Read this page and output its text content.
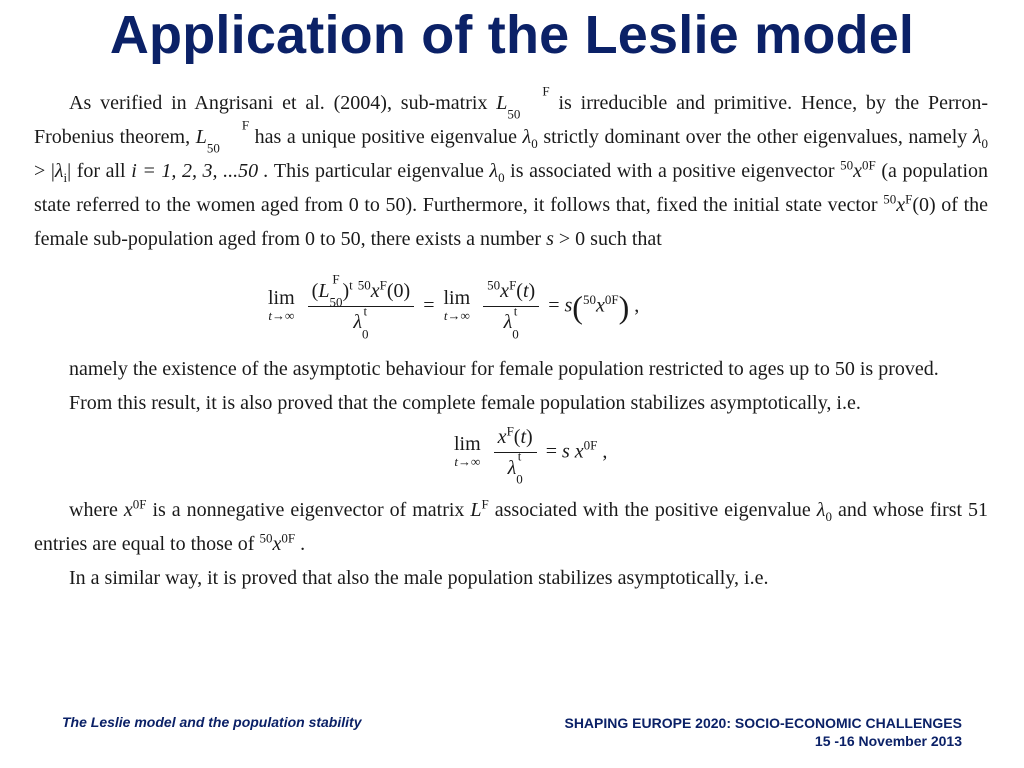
Application of the Leslie model

As verified in Angrisani et al. (2004), sub-matrix $L^F$
$_{50}$ is irreducible and primitive. Hence, by the Perron-Frobenius theorem, $L^F$
$_{50}$ has a unique positive eigenvalue $\lambda_0$ strictly dominant over the other eigenvalues, namely $\lambda_0 > |\lambda_i|$ for all i = 1, 2, 3, ...50 . This particular eigenvalue $\lambda_0$ is associated with a positive eigenvector $^{50}x^{0F}$ (a population state referred to the women aged from 0 to 50). Furthermore, it follows that, fixed the initial state vector $^{50}x^F(0)$ of the female sub-population aged from 0 to 50, there exists a number s > 0 such that

lim
t→∞

($L^F$
$_{50}$)$^t$ $^{50}x^F(0)$
$\lambda^t$
$_0$
= lim
t→∞

$^{50}x^F(t)$
$\lambda^t$
$_0$
= $s(^{50}x^{0F})$ ,

namely the existence of the asymptotic behaviour for female population restricted to ages up to 50 is proved.

From this result, it is also proved that the complete female population stabilizes asymptotically, i.e.

lim
t→∞

$x^F(t)$
$\lambda^t$
$_0$
= s $x^{0F}$ ,

where $x^{0F}$ is a nonnegative eigenvector of matrix $L^F$ associated with the positive eigenvalue $\lambda_0$ and whose first 51 entries are equal to those of $^{50}x^{0F}$ .

In a similar way, it is proved that also the male population stabilizes asymptotically, i.e.

The Leslie model and the population stability	SHAPING EUROPE 2020: SOCIO-ECONOMIC CHALLENGES
15 -16 November 2013
